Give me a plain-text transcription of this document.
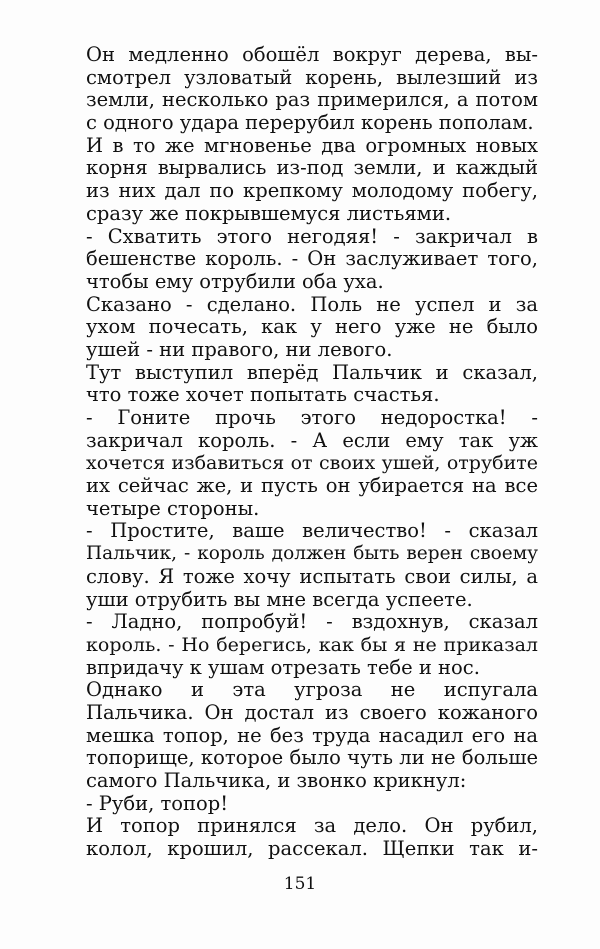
Он медленно обошёл вокруг дерева, вы-
смотрел узловатый корень, вылезший из
земли, несколько раз примерился, а потом
с одного удара перерубил корень пополам.
И в то же мгновенье два огромных новых
корня вырвались из-под земли, и каждый
из них дал по крепкому молодому побегу,
сразу же покрывшемуся листьями.
- Схватить этого негодяя! - закричал в
бешенстве король. - Он заслуживает того,
чтобы ему отрубили оба уха.
Сказано - сделано. Поль не успел и за
ухом почесать, как у него уже не было
ушей - ни правого, ни левого.
Тут выступил вперёд Пальчик и сказал,
что тоже хочет попытать счастья.
- Гоните прочь этого недоростка! -
закричал король. - А если ему так уж
хочется избавиться от своих ушей, отрубите
их сейчас же, и пусть он убирается на все
четыре стороны.
- Простите, ваше величество! - сказал
Пальчик, - король должен быть верен своему
слову. Я тоже хочу испытать свои силы, а
уши отрубить вы мне всегда успеете.
- Ладно, попробуй! - вздохнув, сказал
король. - Но берегись, как бы я не приказал
впридачу к ушам отрезать тебе и нос.
Однако и эта угроза не испугала
Пальчика. Он достал из своего кожаного
мешка топор, не без труда насадил его на
топорище, которое было чуть ли не больше
самого Пальчика, и звонко крикнул:
- Руби, топор!
И топор принялся за дело. Он рубил,
колол, крошил, рассекал. Щепки так и-
151
